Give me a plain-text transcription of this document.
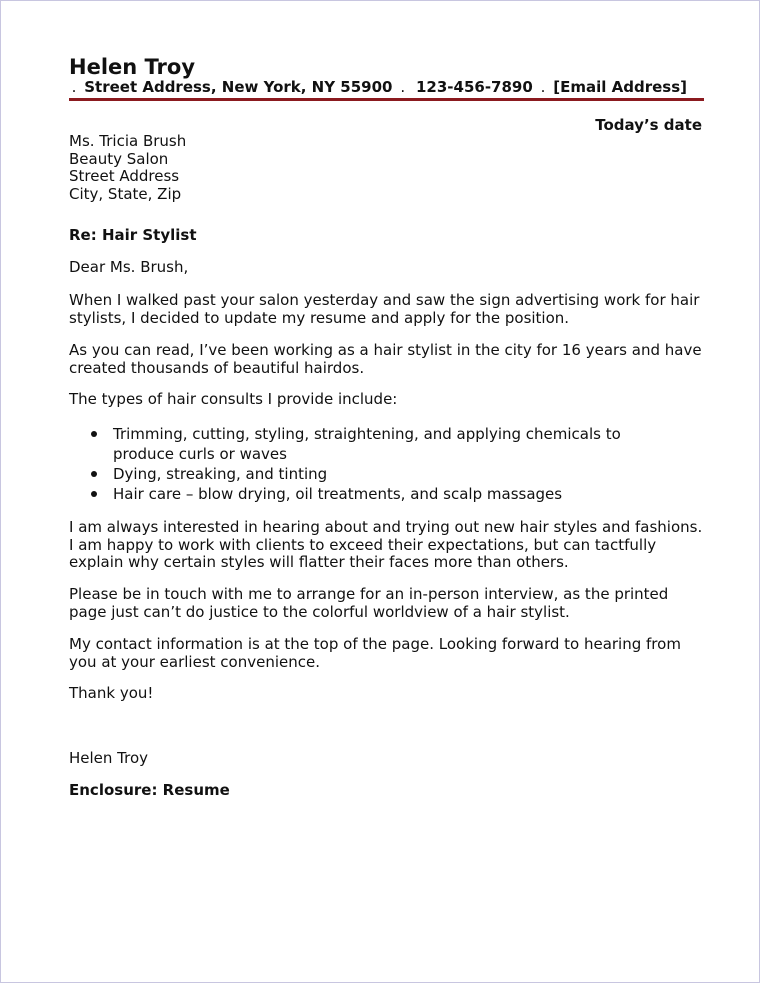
Helen Troy
. Street Address, New York, NY 55900 . 123-456-7890 . [Email Address]
Today’s date
Ms. Tricia Brush
Beauty Salon
Street Address
City, State, Zip
Re: Hair Stylist
Dear Ms. Brush,
When I walked past your salon yesterday and saw the sign advertising work for hair stylists, I decided to update my resume and apply for the position.
As you can read, I’ve been working as a hair stylist in the city for 16 years and have created thousands of beautiful hairdos.
The types of hair consults I provide include:
Trimming, cutting, styling, straightening, and applying chemicals to produce curls or waves
Dying, streaking, and tinting
Hair care – blow drying, oil treatments, and scalp massages
I am always interested in hearing about and trying out new hair styles and fashions. I am happy to work with clients to exceed their expectations, but can tactfully explain why certain styles will flatter their faces more than others.
Please be in touch with me to arrange for an in-person interview, as the printed page just can’t do justice to the colorful worldview of a hair stylist.
My contact information is at the top of the page. Looking forward to hearing from you at your earliest convenience.
Thank you!
Helen Troy
Enclosure: Resume
